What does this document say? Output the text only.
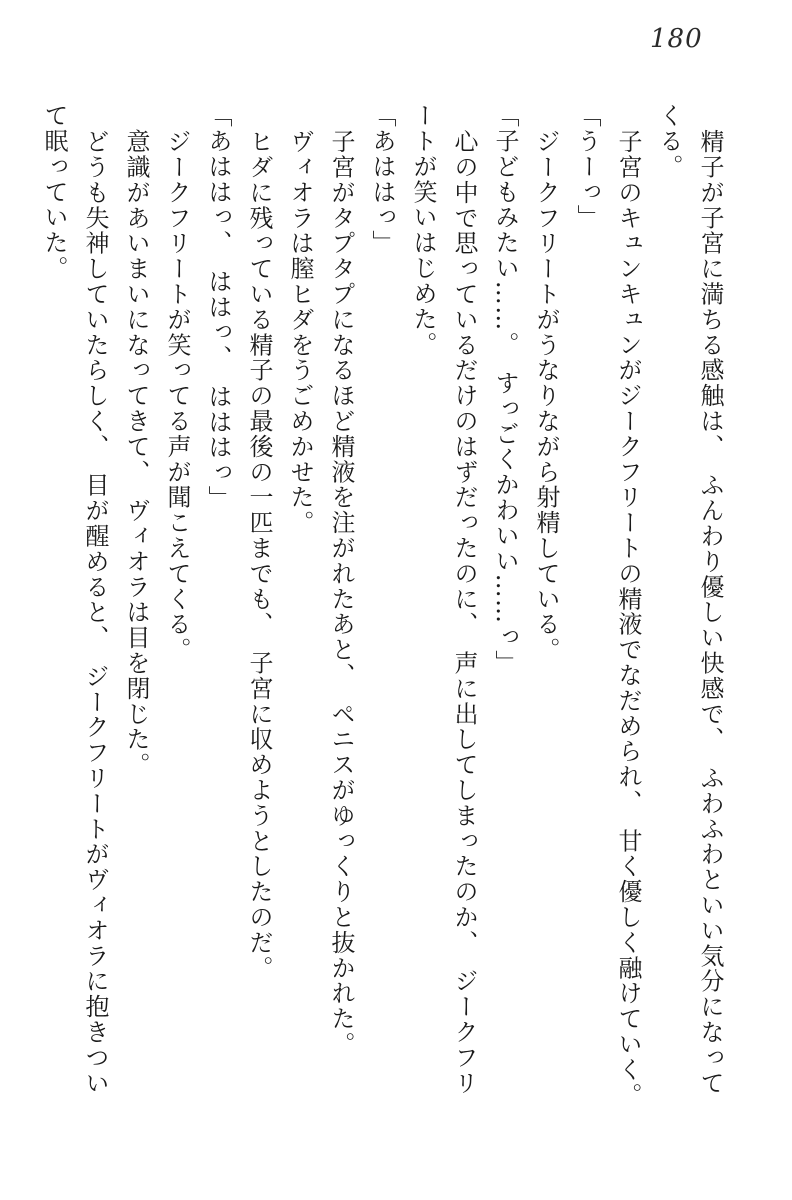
180

精子が子宮に満ちる感触は、　ふんわり優しい快感で、　ふわふわといい気分になって

くる。

子宮のキュンキュンがジークフリートの精液でなだめられ、　甘く優しく融けていく。

「うーっ」

ジークフリートがうなりながら射精している。

「子どもみたい……。　すっごくかわいい……っ」

心の中で思っているだけのはずだったのに、　声に出してしまったのか、　ジークフリ

ートが笑いはじめた。

「あははっ」

子宮がタプタプになるほど精液を注がれたあと、　ペニスがゆっくりと抜かれた。

ヴィオラは膣ヒダをうごめかせた。

ヒダに残っている精子の最後の一匹までも、　子宮に収めようとしたのだ。

「あははっ、　ははっ、　はははっ」

ジークフリートが笑ってる声が聞こえてくる。

意識があいまいになってきて、　ヴィオラは目を閉じた。

どうも失神していたらしく、　目が醒めると、　ジークフリートがヴィオラに抱きつい

て眠っていた。
